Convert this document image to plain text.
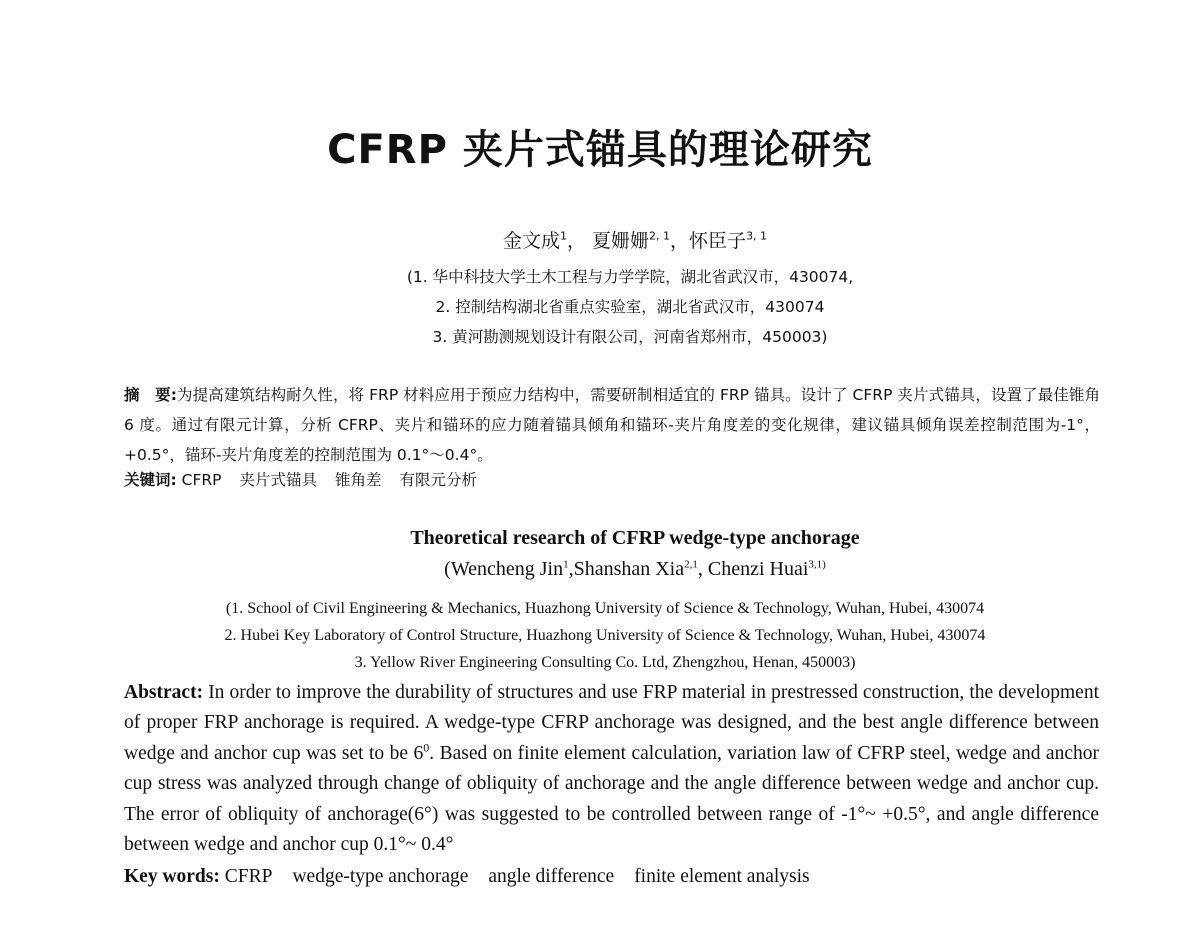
CFRP 夹片式锚具的理论研究
金文成$^1$， 夏姗姗$^{2, 1}$，怀臣子$^{3, 1}$
(1. 华中科技大学土木工程与力学学院，湖北省武汉市，430074,
2. 控制结构湖北省重点实验室，湖北省武汉市，430074
3. 黄河勘测规划设计有限公司，河南省郑州市，450003)
摘　要:为提高建筑结构耐久性，将 FRP 材料应用于预应力结构中，需要研制相适宜的 FRP 锚具。设计了 CFRP 夹片式锚具，设置了最佳锥角 6 度。通过有限元计算，分析 CFRP、夹片和锚环的应力随着锚具倾角和锚环-夹片角度差的变化规律，建议锚具倾角误差控制范围为-1°，+0.5°，锚环-夹片角度差的控制范围为 0.1°～0.4°。
关键词: CFRP 夹片式锚具 锥角差 有限元分析
Theoretical research of CFRP wedge-type anchorage
(Wencheng Jin$^1$,Shanshan Xia$^{2,1}$, Chenzi Huai$^{3,1)}$
(1. School of Civil Engineering & Mechanics, Huazhong University of Science & Technology, Wuhan, Hubei, 430074
2. Hubei Key Laboratory of Control Structure, Huazhong University of Science & Technology, Wuhan, Hubei, 430074
3. Yellow River Engineering Consulting Co. Ltd, Zhengzhou, Henan, 450003)
Abstract: In order to improve the durability of structures and use FRP material in prestressed construction, the development of proper FRP anchorage is required. A wedge-type CFRP anchorage was designed, and the best angle difference between wedge and anchor cup was set to be $6^0$. Based on finite element calculation, variation law of CFRP steel, wedge and anchor cup stress was analyzed through change of obliquity of anchorage and the angle difference between wedge and anchor cup. The error of obliquity of anchorage(6°) was suggested to be controlled between range of -1°~ +0.5°, and angle difference between wedge and anchor cup 0.1°~ 0.4°
Key words: CFRP wedge-type anchorage angle difference finite element analysis
